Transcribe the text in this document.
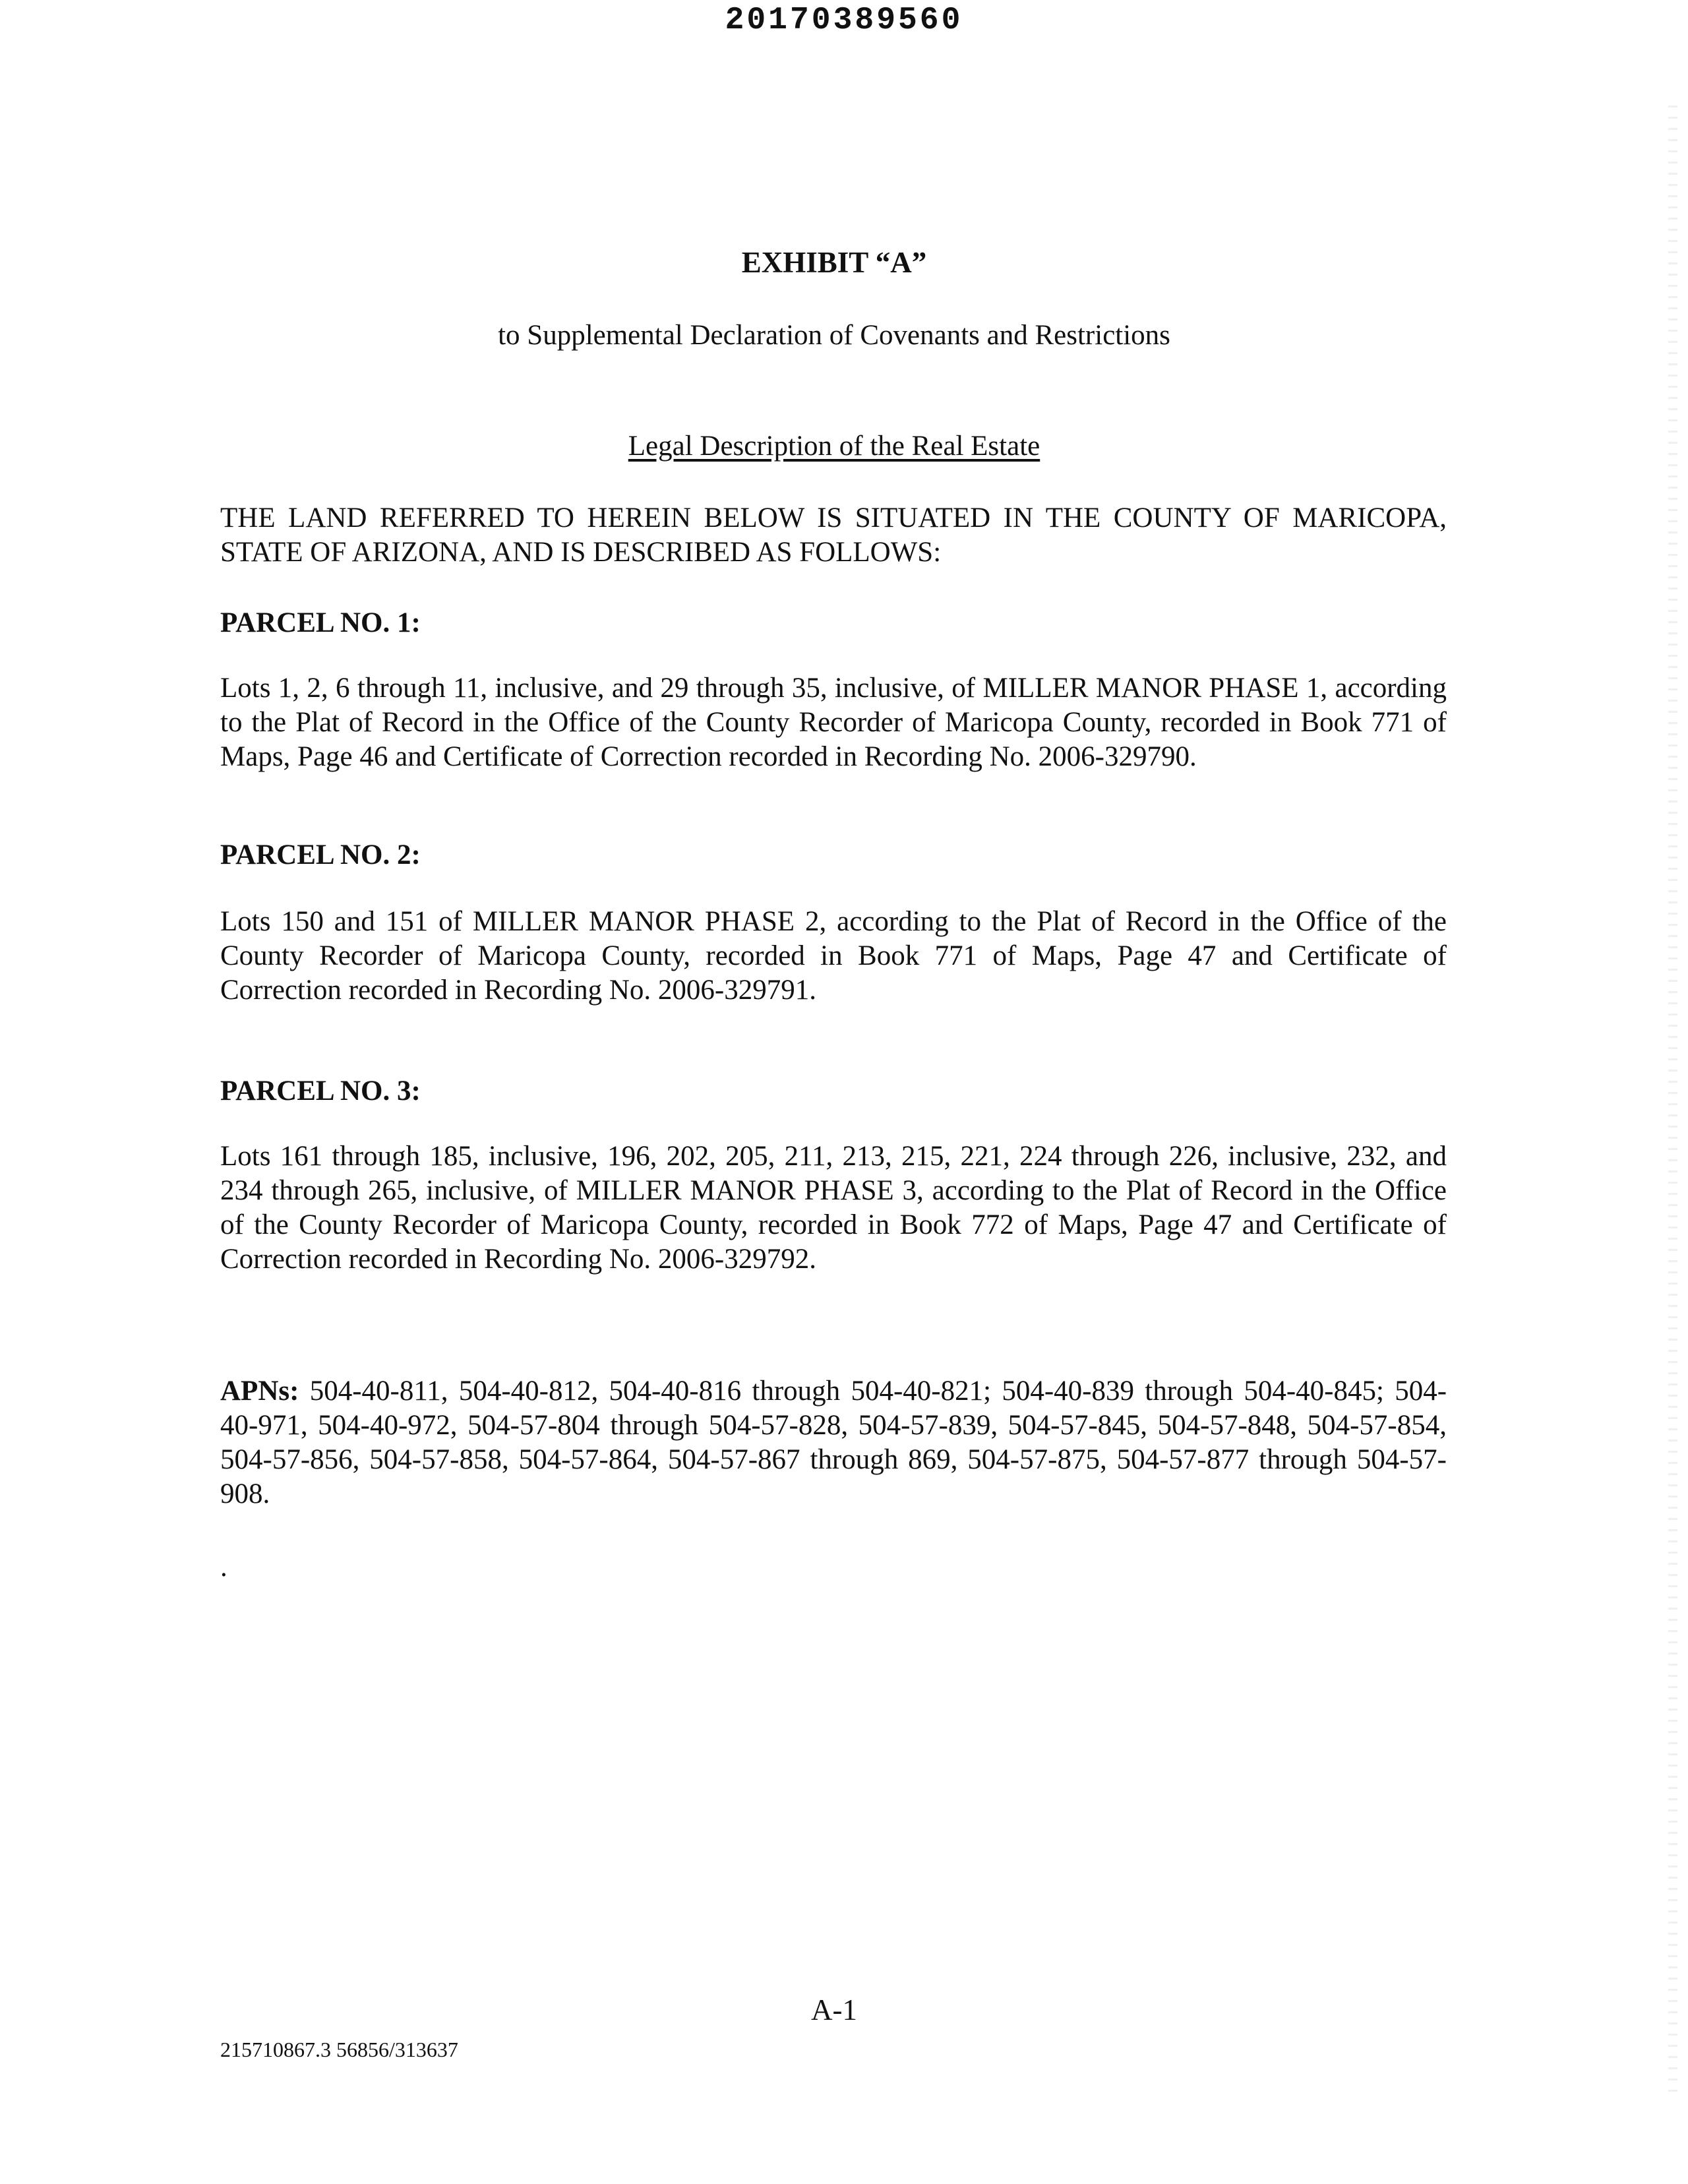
20170389560
EXHIBIT “A”
to Supplemental Declaration of Covenants and Restrictions
Legal Description of the Real Estate
THE LAND REFERRED TO HEREIN BELOW IS SITUATED IN THE COUNTY OF MARICOPA, STATE OF ARIZONA, AND IS DESCRIBED AS FOLLOWS:
PARCEL NO. 1:
Lots 1, 2, 6 through 11, inclusive, and 29 through 35, inclusive, of MILLER MANOR PHASE 1, according to the Plat of Record in the Office of the County Recorder of Maricopa County, recorded in Book 771 of Maps, Page 46 and Certificate of Correction recorded in Recording No. 2006-329790.
PARCEL NO. 2:
Lots 150 and 151 of MILLER MANOR PHASE 2, according to the Plat of Record in the Office of the County Recorder of Maricopa County, recorded in Book 771 of Maps, Page 47 and Certificate of Correction recorded in Recording No. 2006-329791.
PARCEL NO. 3:
Lots 161 through 185, inclusive, 196, 202, 205, 211, 213, 215, 221, 224 through 226, inclusive, 232, and 234 through 265, inclusive, of MILLER MANOR PHASE 3, according to the Plat of Record in the Office of the County Recorder of Maricopa County, recorded in Book 772 of Maps, Page 47 and Certificate of Correction recorded in Recording No. 2006-329792.
APNs: 504-40-811, 504-40-812, 504-40-816 through 504-40-821; 504-40-839 through 504-40-845; 504-40-971, 504-40-972, 504-57-804 through 504-57-828, 504-57-839, 504-57-845, 504-57-848, 504-57-854, 504-57-856, 504-57-858, 504-57-864, 504-57-867 through 869, 504-57-875, 504-57-877 through 504-57-908.
.
A-1
215710867.3 56856/313637
